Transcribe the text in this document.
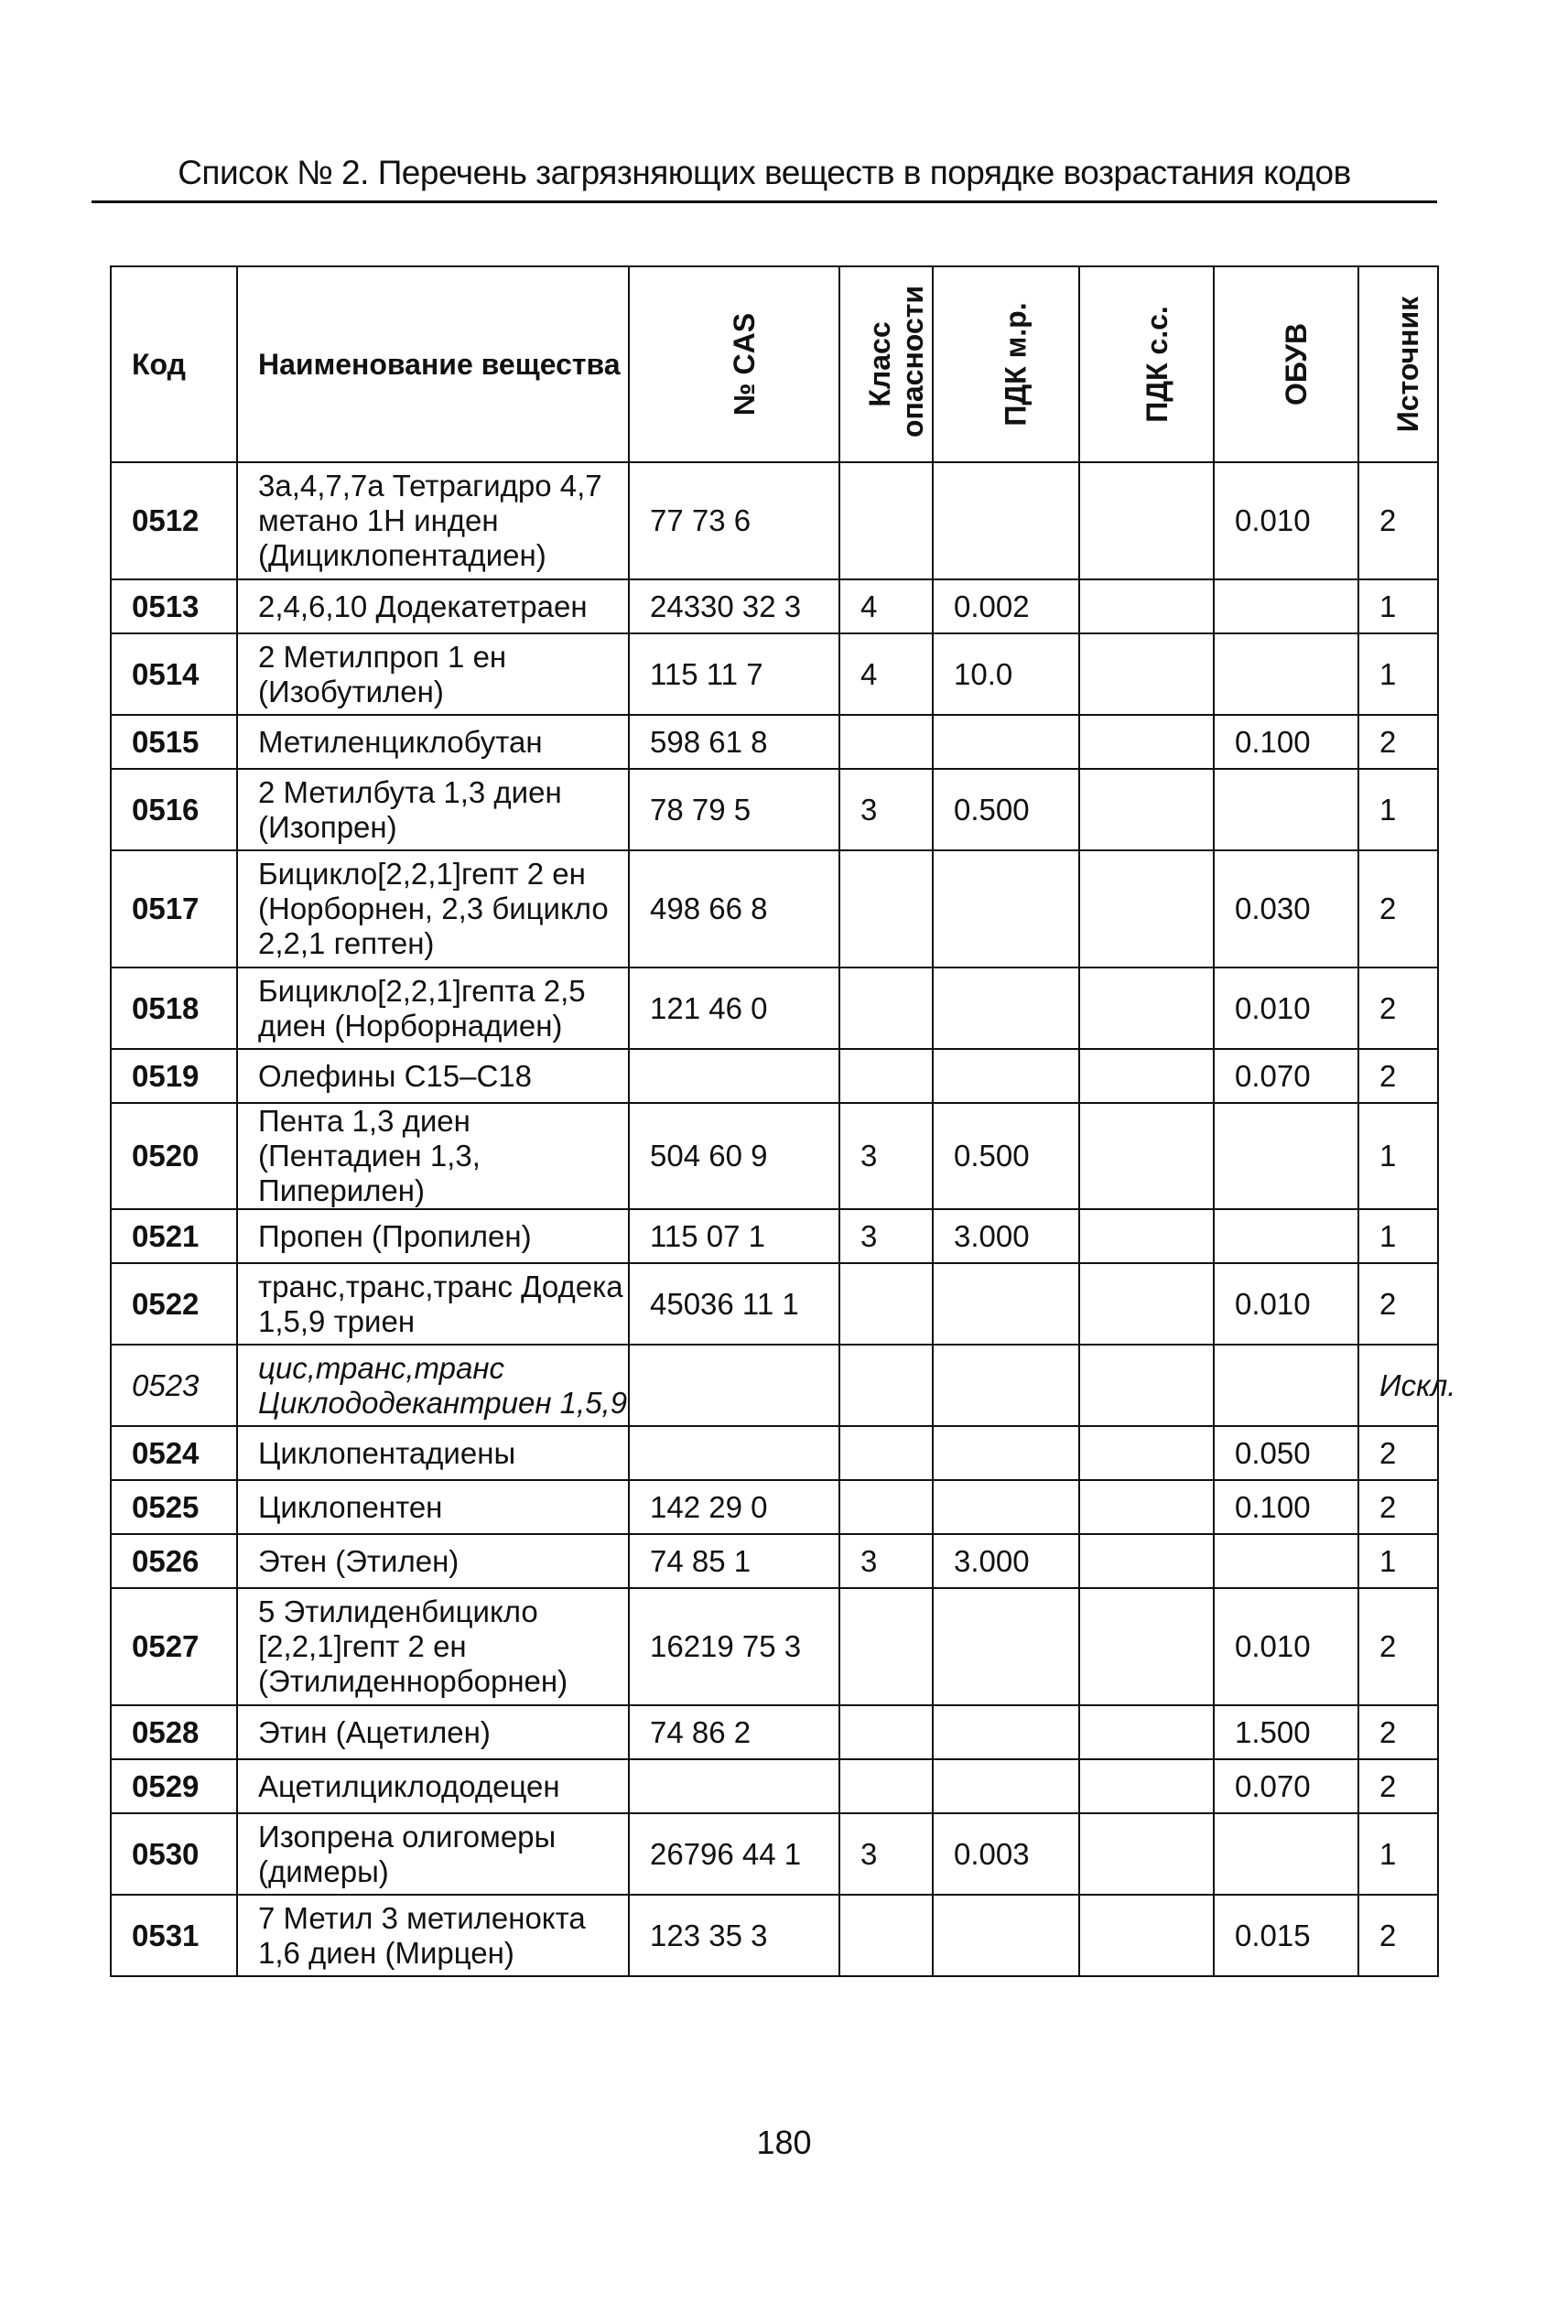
Список № 2. Перечень загрязняющих веществ в порядке возрастания кодов
Код	Наименование вещества	№ CAS	Класс опасности	ПДК м.р.	ПДК с.с.	ОБУВ	Источник

0512	3a,4,7,7a Тетрагидро 4,7 метано 1H инден (Дициклопентадиен)	77 73 6				0.010	2
0513	2,4,6,10 Додекатетраен	24330 32 3	4	0.002			1
0514	2 Метилпроп 1 ен (Изобутилен)	115 11 7	4	10.0			1
0515	Метиленциклобутан	598 61 8				0.100	2
0516	2 Метилбута 1,3 диен (Изопрен)	78 79 5	3	0.500			1
0517	Бицикло[2,2,1]гепт 2 ен (Норборнен, 2,3 бицикло 2,2,1 гептен)	498 66 8				0.030	2
0518	Бицикло[2,2,1]гепта 2,5 диен (Норборнадиен)	121 46 0				0.010	2
0519	Олефины C15–C18					0.070	2
0520	Пента 1,3 диен (Пентадиен 1,3, Пиперилен)	504 60 9	3	0.500			1
0521	Пропен (Пропилен)	115 07 1	3	3.000			1
0522	транс,транс,транс Додека 1,5,9 триен	45036 11 1				0.010	2
0523	цис,транс,транс Циклододекантриен 1,5,9						Искл.
0524	Циклопентадиены					0.050	2
0525	Циклопентен	142 29 0				0.100	2
0526	Этен (Этилен)	74 85 1	3	3.000			1
0527	5 Этилиденбицикло [2,2,1]гепт 2 ен (Этилиденнорборнен)	16219 75 3				0.010	2
0528	Этин (Ацетилен)	74 86 2				1.500	2
0529	Ацетилциклододецен					0.070	2
0530	Изопрена олигомеры (димеры)	26796 44 1	3	0.003			1
0531	7 Метил 3 метиленокта 1,6 диен (Мирцен)	123 35 3				0.015	2
180
